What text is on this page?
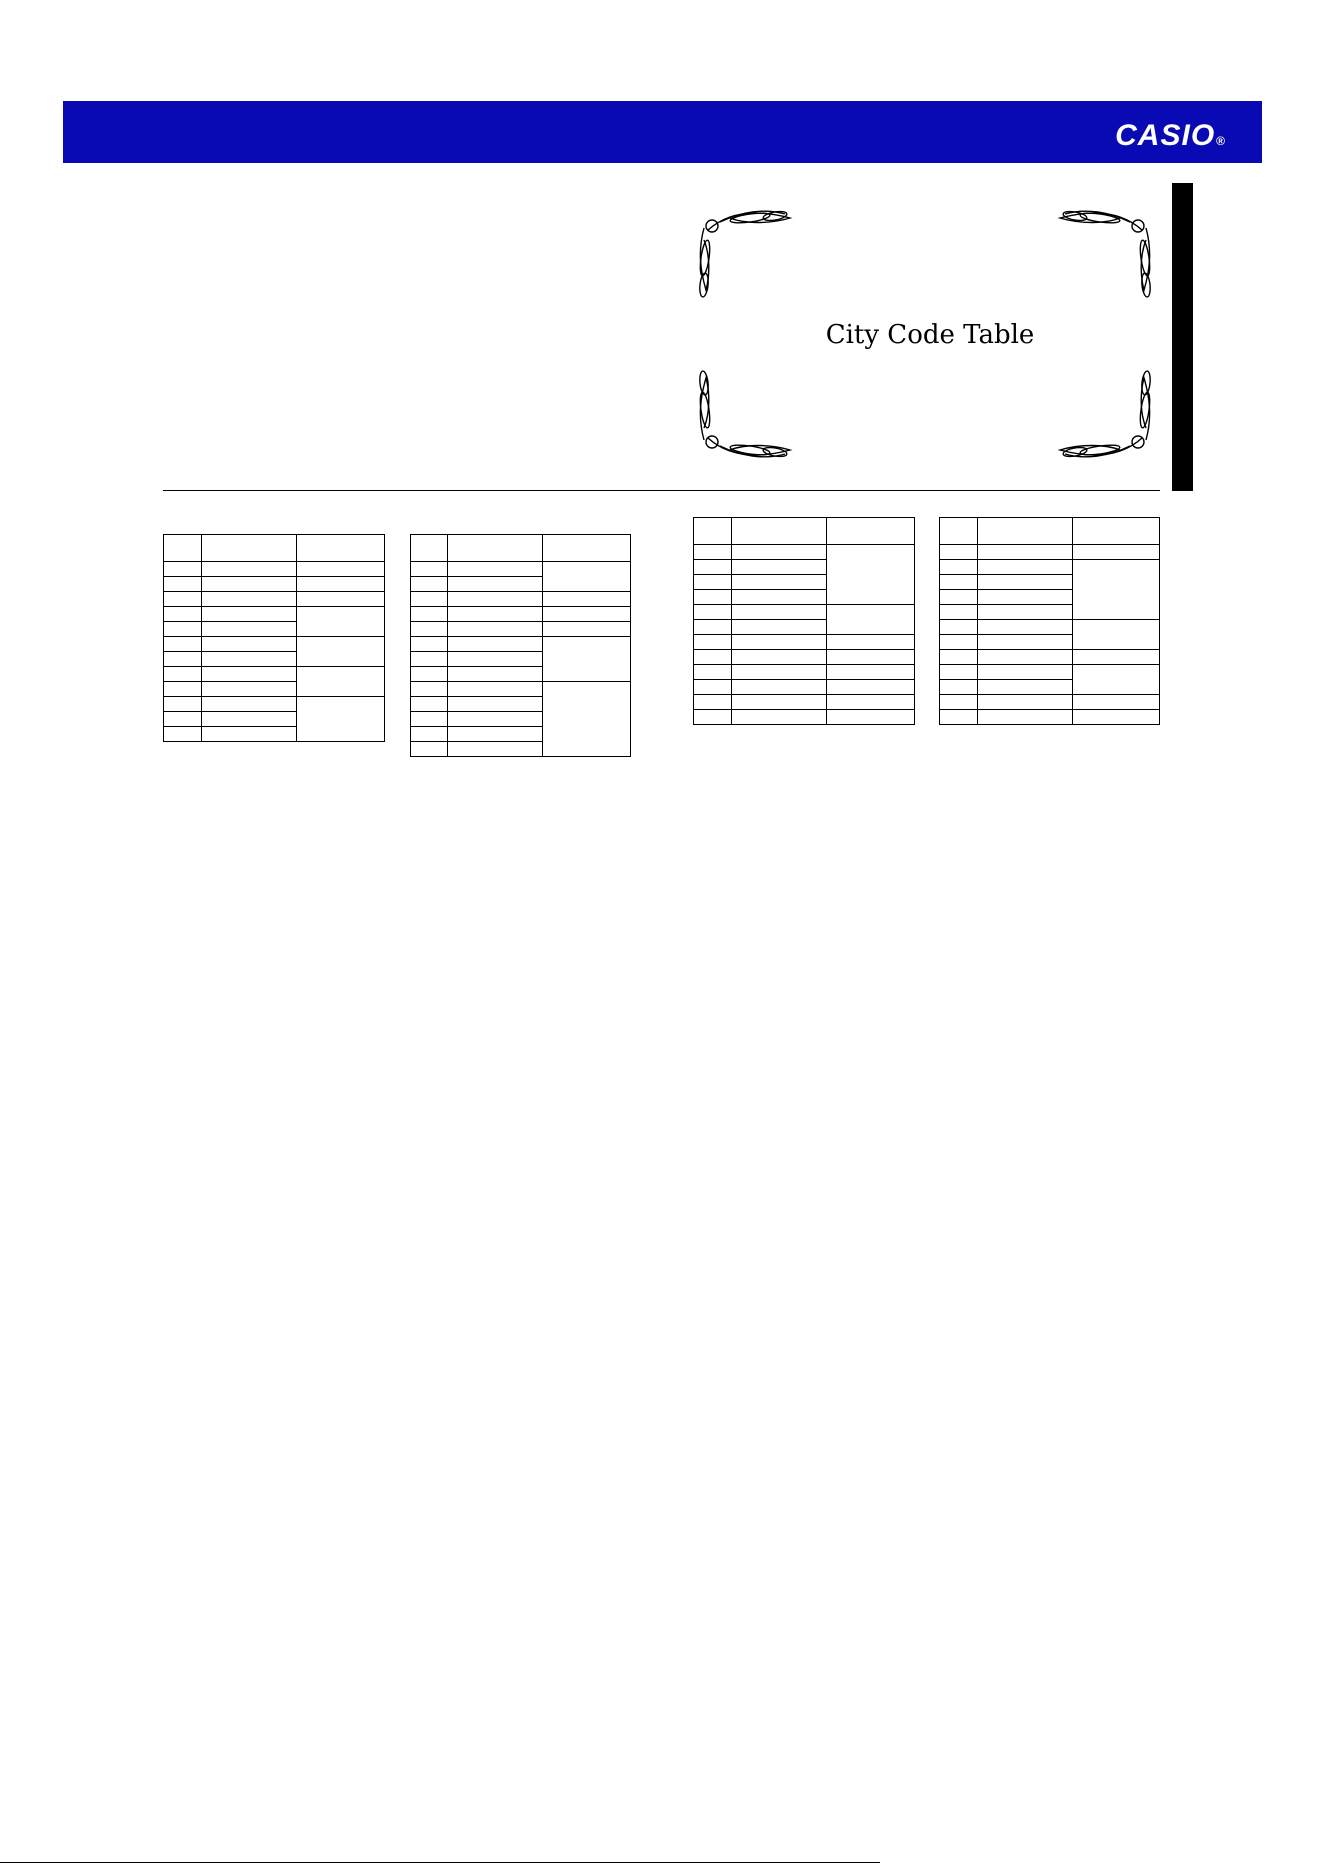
CASIO®
City Code Table
